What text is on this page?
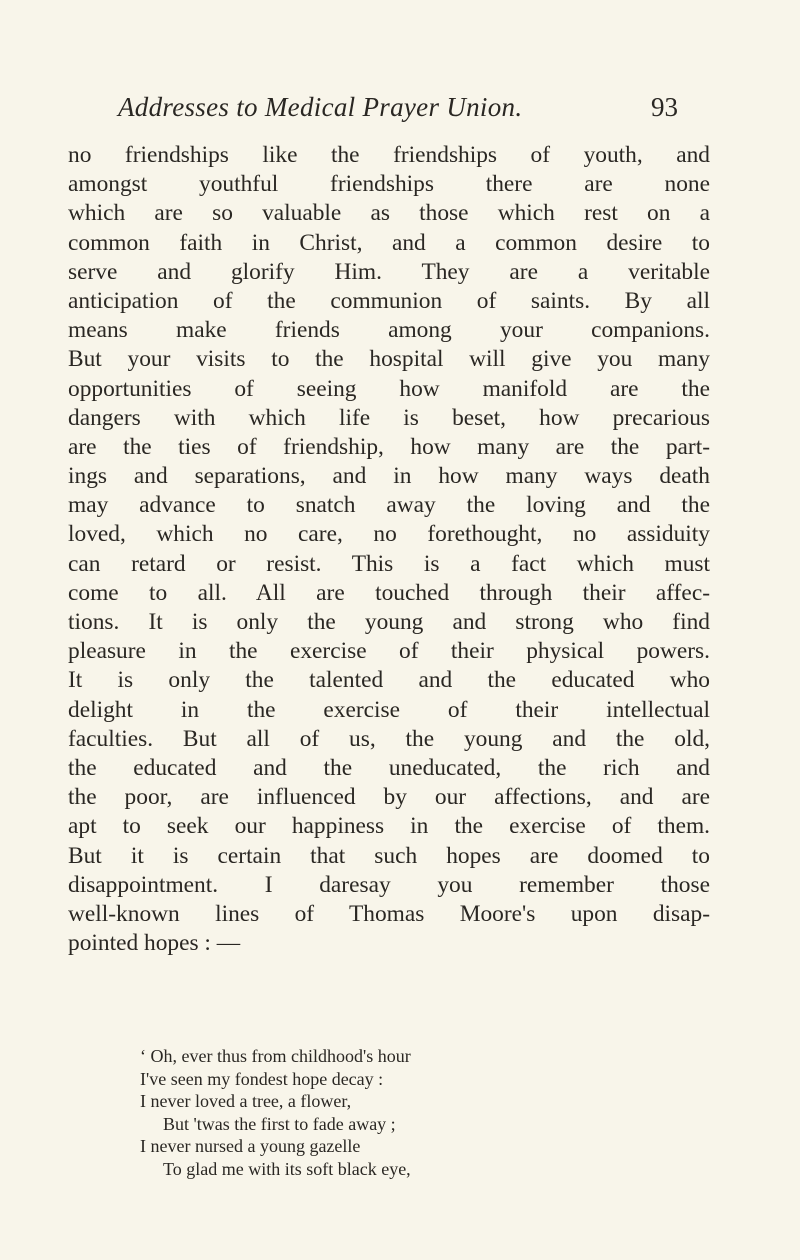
Addresses to Medical Prayer Union.	93
no friendships like the friendships of youth, and
amongst youthful friendships there are none
which are so valuable as those which rest on a
common faith in Christ, and a common desire to
serve and glorify Him. They are a veritable
anticipation of the communion of saints. By all
means make friends among your companions.
But your visits to the hospital will give you many
opportunities of seeing how manifold are the
dangers with which life is beset, how precarious
are the ties of friendship, how many are the part-
ings and separations, and in how many ways death
may advance to snatch away the loving and the
loved, which no care, no forethought, no assiduity
can retard or resist. This is a fact which must
come to all. All are touched through their affec-
tions. It is only the young and strong who find
pleasure in the exercise of their physical powers.
It is only the talented and the educated who
delight in the exercise of their intellectual
faculties. But all of us, the young and the old,
the educated and the uneducated, the rich and
the poor, are influenced by our affections, and are
apt to seek our happiness in the exercise of them.
But it is certain that such hopes are doomed to
disappointment. I daresay you remember those
well-known lines of Thomas Moore's upon disap-
pointed hopes : —
‘ Oh, ever thus from childhood's hour
I've seen my fondest hope decay :
I never loved a tree, a flower,
But 'twas the first to fade away ;
I never nursed a young gazelle
To glad me with its soft black eye,
